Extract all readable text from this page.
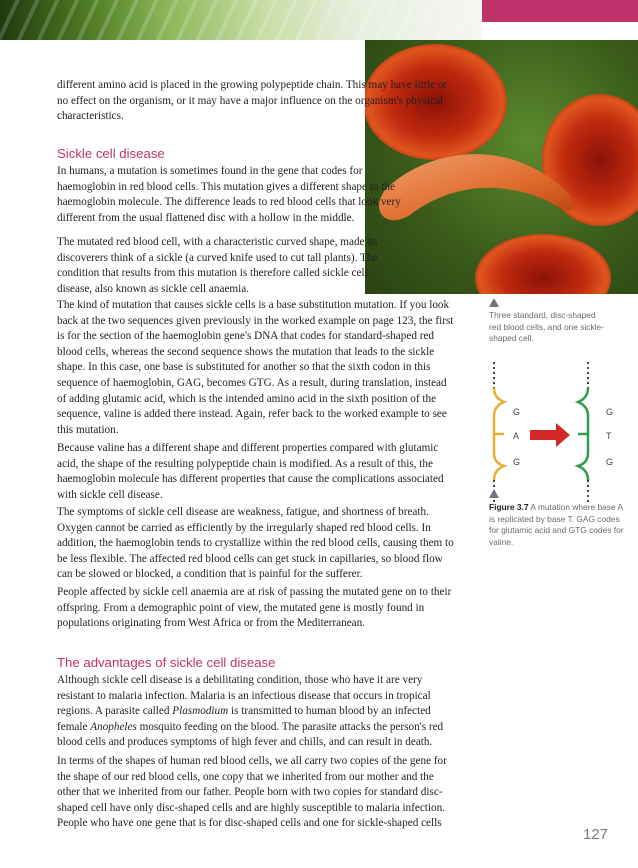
different amino acid is placed in the growing polypeptide chain. This may have little or no effect on the organism, or it may have a major influence on the organism's physical characteristics.

Sickle cell disease

In humans, a mutation is sometimes found in the gene that codes for haemoglobin in red blood cells. This mutation gives a different shape to the haemoglobin molecule. The difference leads to red blood cells that look very different from the usual flattened disc with a hollow in the middle.

The mutated red blood cell, with a characteristic curved shape, made its discoverers think of a sickle (a curved knife used to cut tall plants). The condition that results from this mutation is therefore called sickle cell disease, also known as sickle cell anaemia.

The kind of mutation that causes sickle cells is a base substitution mutation. If you look back at the two sequences given previously in the worked example on page 123, the first is for the section of the haemoglobin gene's DNA that codes for standard-shaped red blood cells, whereas the second sequence shows the mutation that leads to the sickle shape. In this case, one base is substituted for another so that the sixth codon in this sequence of haemoglobin, GAG, becomes GTG. As a result, during translation, instead of adding glutamic acid, which is the intended amino acid in the sixth position of the sequence, valine is added there instead. Again, refer back to the worked example to see this mutation.

Because valine has a different shape and different properties compared with glutamic acid, the shape of the resulting polypeptide chain is modified. As a result of this, the haemoglobin molecule has different properties that cause the complications associated with sickle cell disease.

The symptoms of sickle cell disease are weakness, fatigue, and shortness of breath. Oxygen cannot be carried as efficiently by the irregularly shaped red blood cells. In addition, the haemoglobin tends to crystallize within the red blood cells, causing them to be less flexible. The affected red blood cells can get stuck in capillaries, so blood flow can be slowed or blocked, a condition that is painful for the sufferer.

People affected by sickle cell anaemia are at risk of passing the mutated gene on to their offspring. From a demographic point of view, the mutated gene is mostly found in populations originating from West Africa or from the Mediterranean.

The advantages of sickle cell disease

Although sickle cell disease is a debilitating condition, those who have it are very resistant to malaria infection. Malaria is an infectious disease that occurs in tropical regions. A parasite called Plasmodium is transmitted to human blood by an infected female Anopheles mosquito feeding on the blood. The parasite attacks the person's red blood cells and produces symptoms of high fever and chills, and can result in death.

In terms of the shapes of human red blood cells, we all carry two copies of the gene for the shape of our red blood cells, one copy that we inherited from our mother and the other that we inherited from our father. People born with two copies for standard disc-shaped cell have only disc-shaped cells and are highly susceptible to malaria infection. People who have one gene that is for disc-shaped cells and one for sickle-shaped cells

Three standard, disc-shaped red blood cells, and one sickle-shaped cell.

G
A
G
G
T
G

Figure 3.7 A mutation where base A is replicated by base T. GAG codes for glutamic acid and GTG codes for valine.

127
